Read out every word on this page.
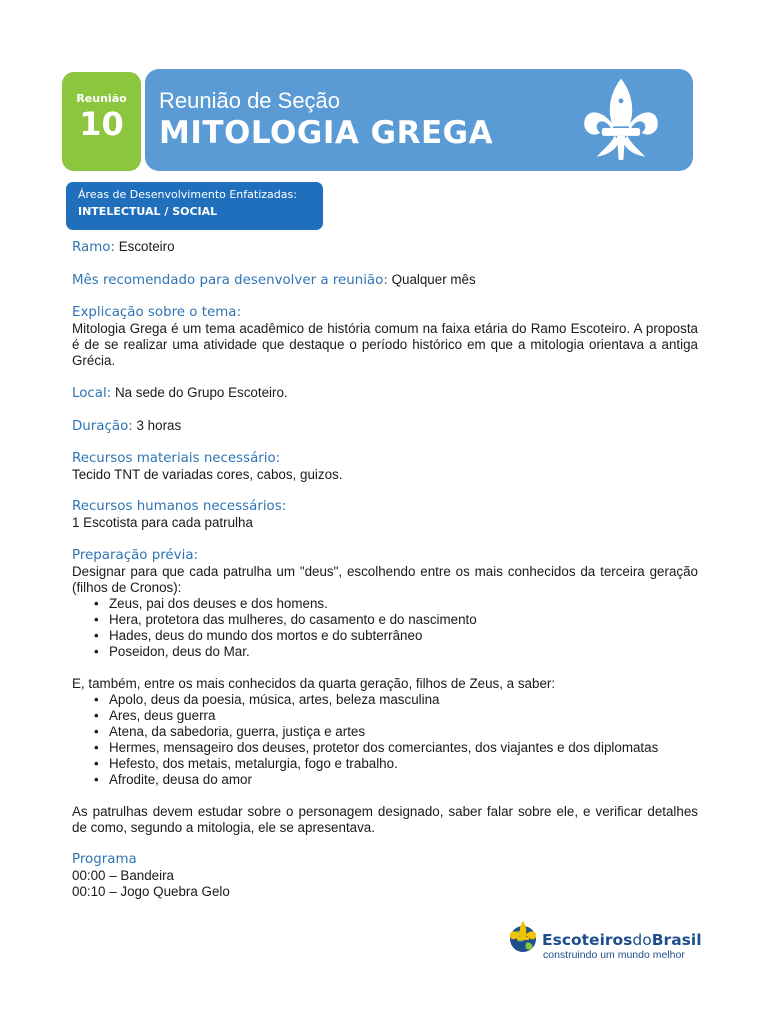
Reunião
10
Reunião de Seção
MITOLOGIA GREGA
Áreas de Desenvolvimento Enfatizadas:
INTELECTUAL / SOCIAL
Ramo: Escoteiro
Mês recomendado para desenvolver a reunião: Qualquer mês
Explicação sobre o tema:
Mitologia Grega é um tema acadêmico de história comum na faixa etária do Ramo Escoteiro. A proposta é de se realizar uma atividade que destaque o período histórico em que a mitologia orientava a antiga Grécia.
Local: Na sede do Grupo Escoteiro.
Duração: 3 horas
Recursos materiais necessário:
Tecido TNT de variadas cores, cabos, guizos.
Recursos humanos necessários:
1 Escotista para cada patrulha
Preparação prévia:
Designar para que cada patrulha um "deus", escolhendo entre os mais conhecidos da terceira geração (filhos de Cronos):
• Zeus, pai dos deuses e dos homens.
• Hera, protetora das mulheres, do casamento e do nascimento
• Hades, deus do mundo dos mortos e do subterrâneo
• Poseidon, deus do Mar.
E, também, entre os mais conhecidos da quarta geração, filhos de Zeus, a saber:
• Apolo, deus da poesia, música, artes, beleza masculina
• Ares, deus guerra
• Atena, da sabedoria, guerra, justiça e artes
• Hermes, mensageiro dos deuses, protetor dos comerciantes, dos viajantes e dos diplomatas
• Hefesto, dos metais, metalurgia, fogo e trabalho.
• Afrodite, deusa do amor
As patrulhas devem estudar sobre o personagem designado, saber falar sobre ele, e verificar detalhes de como, segundo a mitologia, ele se apresentava.
Programa
00:00 – Bandeira
00:10 – Jogo Quebra Gelo
EscoteirosdoBrasil
construindo um mundo melhor
